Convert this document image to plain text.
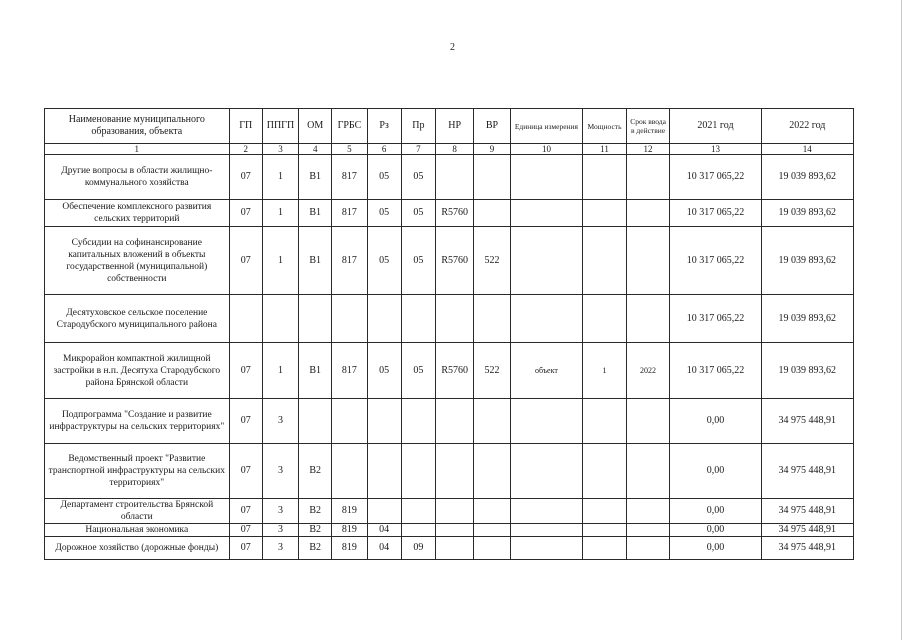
2
Наименование муниципального образования, объекта	ГП	ППГП	ОМ	ГРБС	Рз	Пр	НР	ВР	Единица измерения	Мощность	Срок ввода в действие	2021 год	2022 год
1	2	3	4	5	6	7	8	9	10	11	12	13	14
Другие вопросы в области жилищно-коммунального хозяйства	07	1	В1	817	05	05						10 317 065,22	19 039 893,62
Обеспечение комплексного развития сельских территорий	07	1	В1	817	05	05	R5760					10 317 065,22	19 039 893,62
Субсидии на софинансирование капитальных вложений в объекты государственной (муниципальной) собственности	07	1	В1	817	05	05	R5760	522				10 317 065,22	19 039 893,62
Десятуховское сельское поселение Стародубского муниципального района												10 317 065,22	19 039 893,62
Микрорайон компактной жилищной застройки в н.п. Десятуха Стародубского района Брянской области	07	1	В1	817	05	05	R5760	522	объект	1	2022	10 317 065,22	19 039 893,62
Подпрограмма "Создание и развитие инфраструктуры на сельских территориях"	07	3										0,00	34 975 448,91
Ведомственный проект "Развитие транспортной инфраструктуры на сельских территориях"	07	3	В2									0,00	34 975 448,91
Департамент строительства Брянской области	07	3	В2	819								0,00	34 975 448,91
Национальная экономика	07	3	В2	819	04							0,00	34 975 448,91
Дорожное хозяйство (дорожные фонды)	07	3	В2	819	04	09						0,00	34 975 448,91
